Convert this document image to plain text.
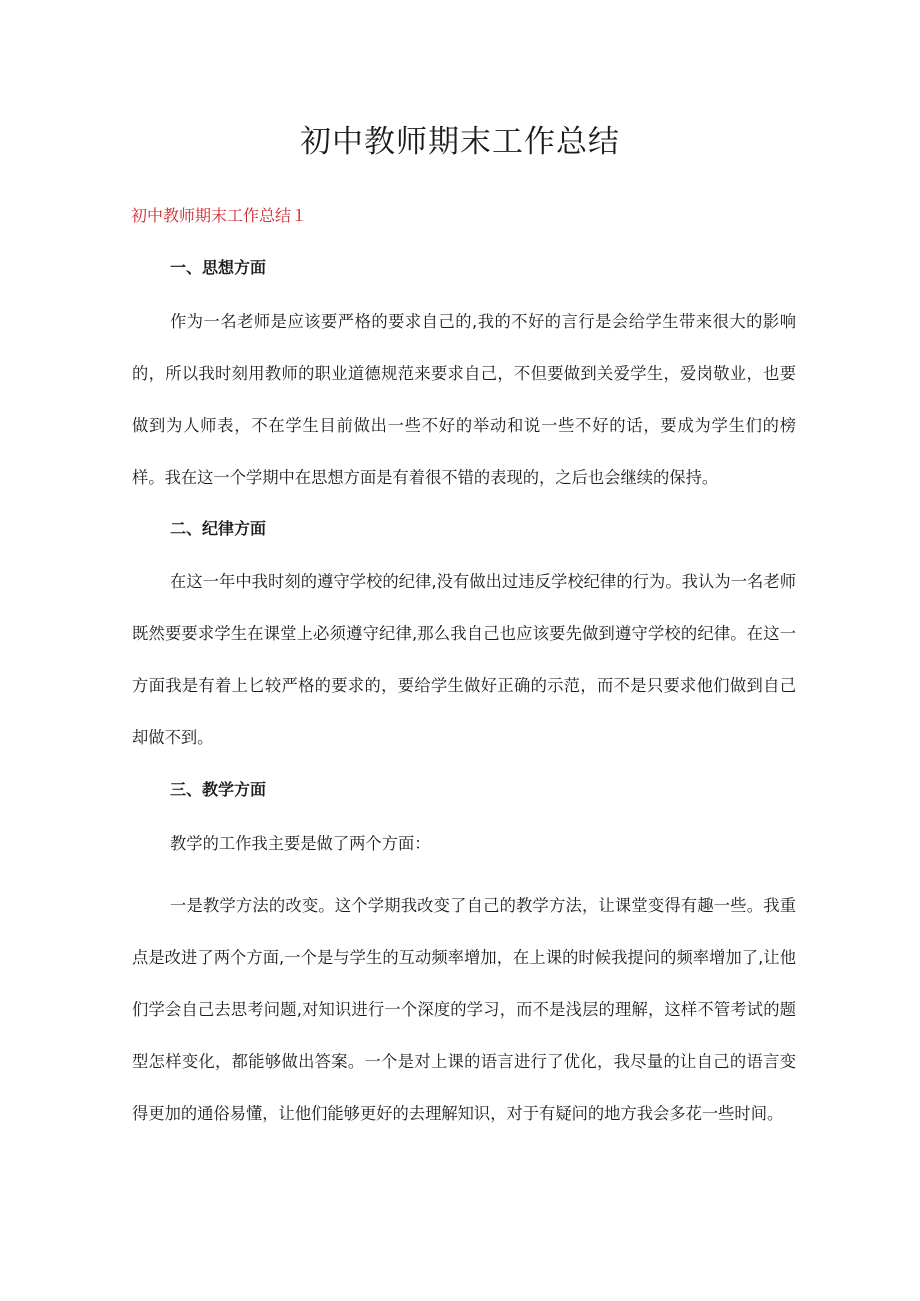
初中教师期末工作总结
初中教师期末工作总结１
一、思想方面

作为一名老师是应该要严格的要求自己的,我的不好的言行是会给学生带来很大的影响的，所以我时刻用教师的职业道德规范来要求自己，不但要做到关爱学生，爱岗敬业，也要做到为人师表，不在学生目前做出一些不好的举动和说一些不好的话，要成为学生们的榜样。我在这一个学期中在思想方面是有着很不错的表现的，之后也会继续的保持。

二、纪律方面

在这一年中我时刻的遵守学校的纪律,没有做出过违反学校纪律的行为。我认为一名老师既然要要求学生在课堂上必须遵守纪律,那么我自己也应该要先做到遵守学校的纪律。在这一方面我是有着上匕较严格的要求的，要给学生做好正确的示范，而不是只要求他们做到自己却做不到。

三、教学方面

教学的工作我主要是做了两个方面：

一是教学方法的改变。这个学期我改变了自己的教学方法，让课堂变得有趣一些。我重点是改进了两个方面,一个是与学生的互动频率增加，在上课的时候我提问的频率增加了,让他们学会自己去思考问题,对知识进行一个深度的学习，而不是浅层的理解，这样不管考试的题型怎样变化，都能够做出答案。一个是对上课的语言进行了优化，我尽量的让自己的语言变得更加的通俗易懂，让他们能够更好的去理解知识，对于有疑问的地方我会多花一些时间。
